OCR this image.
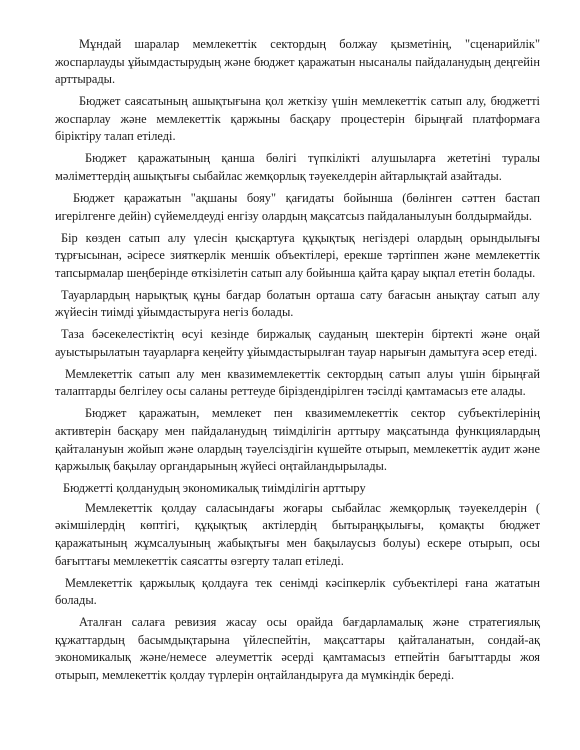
Мұндай шаралар мемлекеттік сектордың болжау қызметінің, "сценарийлік" жоспарлауды ұйымдастырудың және бюджет қаражатын нысаналы пайдаланудың деңгейін арттырады.

Бюджет саясатының ашықтығына қол жеткізу үшін мемлекеттік сатып алу, бюджетті жоспарлау және мемлекеттік қаржыны басқару процестерін бірыңғай платформаға біріктіру талап етіледі.

Бюджет қаражатының қанша бөлігі түпкілікті алушыларға жететіні туралы мәліметтердің ашықтығы сыбайлас жемқорлық тәуекелдерін айтарлықтай азайтады.

Бюджет қаражатын "ақшаны бояу" қағидаты бойынша (бөлінген сәттен бастап игерілгенге дейін) сүйемелдеуді енгізу олардың мақсатсыз пайдаланылуын болдырмайды.

Бір көзден сатып алу үлесін қысқартуға құқықтық негіздері олардың орындылығы тұрғысынан, әсіресе зияткерлік меншік объектілері, ерекше тәртіппен және мемлекеттік тапсырмалар шеңберінде өткізілетін сатып алу бойынша қайта қарау ықпал ететін болады.

Тауарлардың нарықтық құны бағдар болатын орташа сату бағасын анықтау сатып алу жүйесін тиімді ұйымдастыруға негіз болады.

Таза бәсекелестіктің өсуі кезінде биржалық сауданың шектерін біртекті және оңай ауыстырылатын тауарларға кеңейту ұйымдастырылған тауар нарығын дамытуға әсер етеді.

Мемлекеттік сатып алу мен квазимемлекеттік сектордың сатып алуы үшін бірыңғай талаптарды белгілеу осы саланы реттеуде біріздендірілген тәсілді қамтамасыз ете алады.

Бюджет қаражатын, мемлекет пен квазимемлекеттік сектор субъектілерінің активтерін басқару мен пайдаланудың тиімділігін арттыру мақсатында функциялардың қайталануын жойып және олардың тәуелсіздігін күшейте отырып, мемлекеттік аудит және қаржылық бақылау органдарының жүйесі оңтайландырылады.

Бюджетті қолданудың экономикалық тиімділігін арттыру

Мемлекеттік қолдау саласындағы жоғары сыбайлас жемқорлық тәуекелдерін ( әкімшілердің көптігі, құқықтық актілердің бытыраңқылығы, қомақты бюджет қаражатының жұмсалуының жабықтығы мен бақылаусыз болуы) ескере отырып, осы бағыттағы мемлекеттік саясатты өзгерту талап етіледі.

Мемлекеттік қаржылық қолдауға тек сенімді кәсіпкерлік субъектілері ғана жататын болады.

Аталған салаға ревизия жасау осы орайда бағдарламалық және стратегиялық құжаттардың басымдықтарына үйлеспейтін, мақсаттары қайталанатын, сондай-ақ экономикалық және/немесе әлеуметтік әсерді қамтамасыз етпейтін бағыттарды жоя отырып, мемлекеттік қолдау түрлерін оңтайландыруға да мүмкіндік береді.
